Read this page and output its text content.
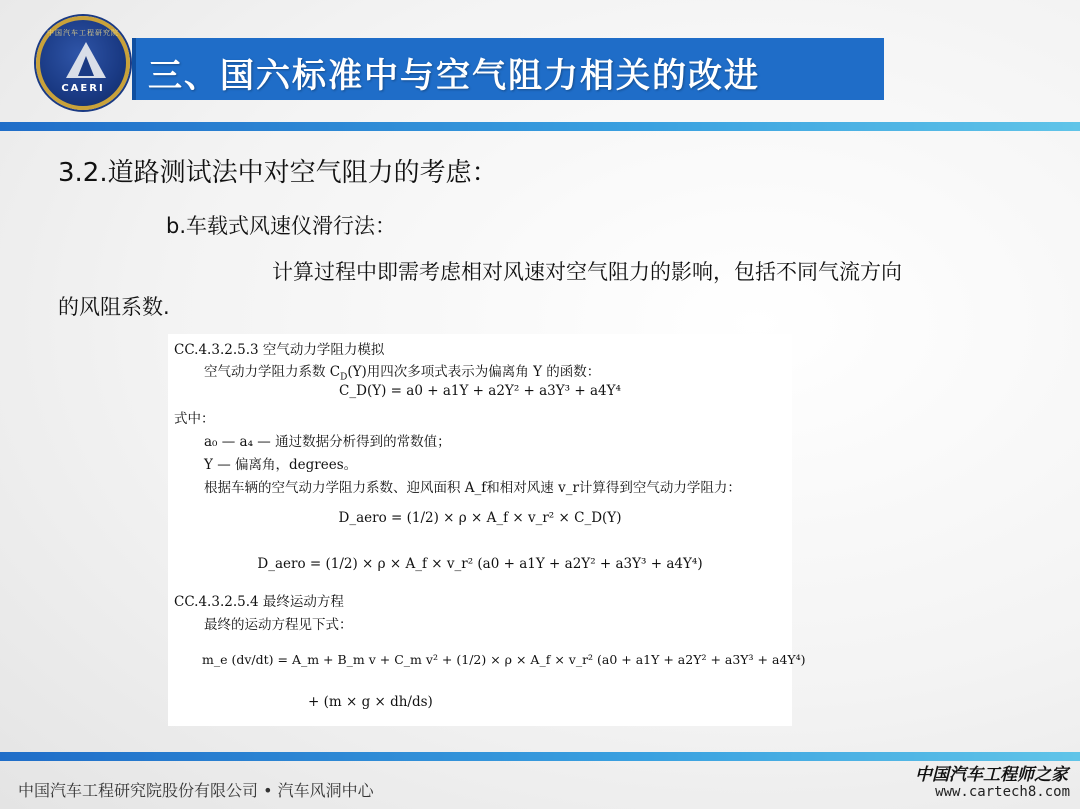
中国汽车工程研究院
CAERI	三、国六标准中与空气阻力相关的改进
3.2.道路测试法中对空气阻力的考虑：
b.车载式风速仪滑行法：
计算过程中即需考虑相对风速对空气阻力的影响，包括不同气流方向
的风阻系数.
CC.4.3.2.5.3 空气动力学阻力模拟
空气动力学阻力系数 $C_D(Y)$用四次多项式表示为偏离角 Y 的函数：
C_D(Y) = a0 + a1Y + a2Y² + a3Y³ + a4Y⁴
式中：
a₀ — a₄ — 通过数据分析得到的常数值；
Y — 偏离角，degrees。
根据车辆的空气动力学阻力系数、迎风面积 A_f和相对风速 v_r计算得到空气动力学阻力：
D_aero = (1/2) × ρ × A_f × v_r² × C_D(Y)
D_aero = (1/2) × ρ × A_f × v_r² (a0 + a1Y + a2Y² + a3Y³ + a4Y⁴)
CC.4.3.2.5.4 最终运动方程
最终的运动方程见下式：
m_e (dv/dt) = A_m + B_m v + C_m v² + (1/2) × ρ × A_f × v_r² (a0 + a1Y + a2Y² + a3Y³ + a4Y⁴)
+ (m × g × dh/ds)
中国汽车工程研究院股份有限公司 • 汽车风洞中心
中国汽车工程师之家
www.cartech8.com
